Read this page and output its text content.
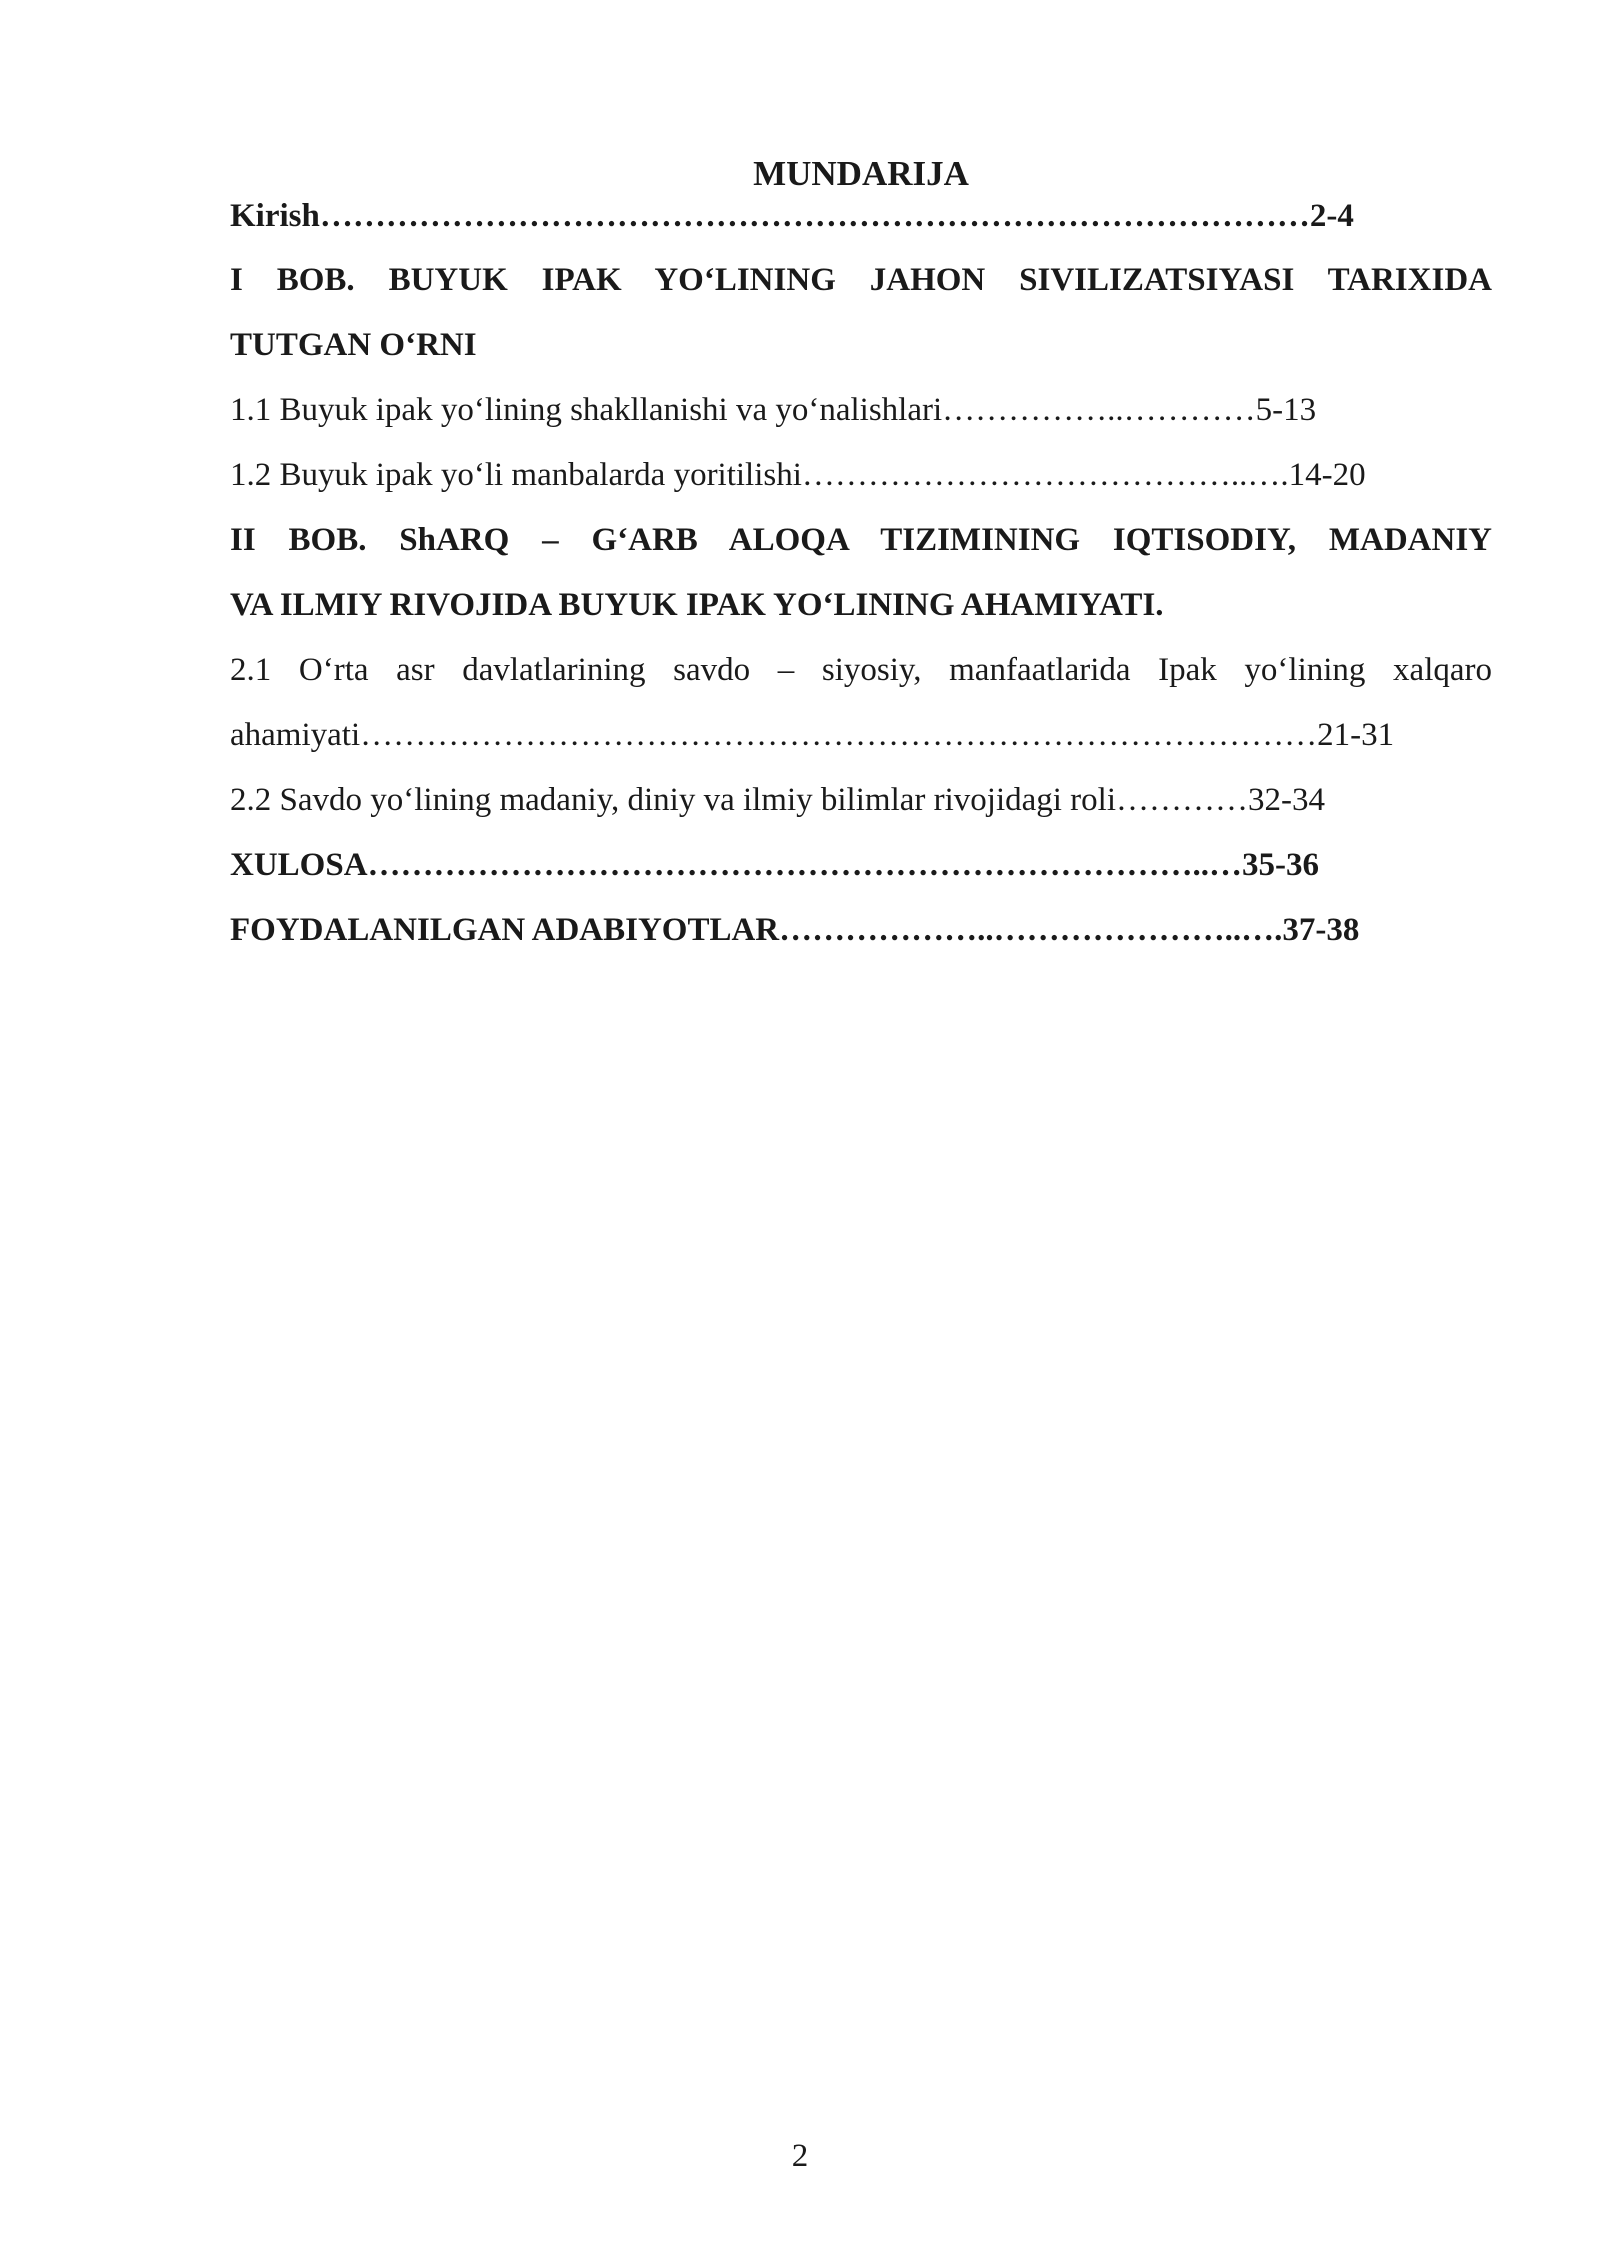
MUNDARIJA
Kirish………………………………………………………………………………2-4
I BOB. BUYUK IPAK YO‘LINING JAHON SIVILIZATSIYASI TARIXIDA
TUTGAN O‘RNI
1.1 Buyuk ipak yo‘lining shakllanishi va yo‘nalishlari……………..…………5-13
1.2 Buyuk ipak yo‘li manbalarda yoritilishi…………………………………..….14-20
II BOB. ShARQ – G‘ARB ALOQA TIZIMINING IQTISODIY, MADANIY
VA ILMIY RIVOJIDA BUYUK IPAK YO‘LINING AHAMIYATI.
2.1 O‘rta asr davlatlarining savdo – siyosiy, manfaatlarida Ipak yo‘lining xalqaro
ahamiyati……………………………………………………………………………21-31
2.2 Savdo yo‘lining madaniy, diniy va ilmiy bilimlar rivojidagi roli…………32-34
XULOSA…………………………………………………………………..…35-36
FOYDALANILGAN ADABIYOTLAR………………..…………………..….37-38
2
